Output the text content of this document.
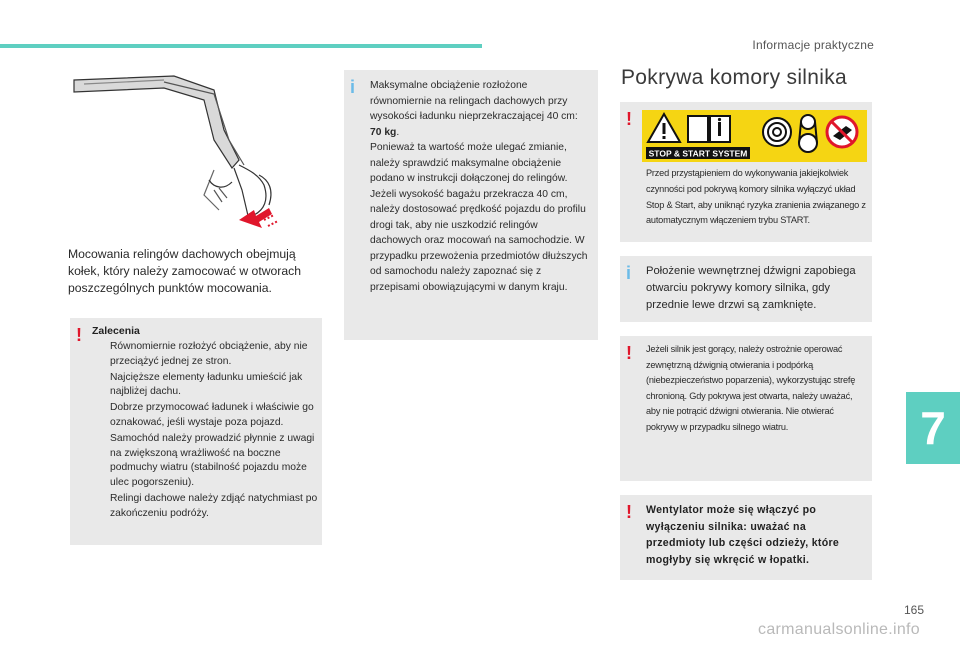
Informacje praktyczne

Mocowania relingów dachowych obejmują kołek, który należy zamocować w otworach poszczególnych punktów mocowania.

! Zalecenia
Równomiernie rozłożyć obciążenie, aby nie przeciążyć jednej ze stron.
Najcięższe elementy ładunku umieścić jak najbliżej dachu.
Dobrze przymocować ładunek i właściwie go oznakować, jeśli wystaje poza pojazd.
Samochód należy prowadzić płynnie z uwagi na zwiększoną wrażliwość na boczne podmuchy wiatru (stabilność pojazdu może ulec pogorszeniu).
Relingi dachowe należy zdjąć natychmiast po zakończeniu podróży.
i	Maksymalne obciążenie rozłożone równomiernie na relingach dachowych przy wysokości ładunku nieprzekraczającej 40 cm:
70 kg.
Ponieważ ta wartość może ulegać zmianie, należy sprawdzić maksymalne obciążenie podano w instrukcji dołączonej do relingów. Jeżeli wysokość bagażu przekracza 40 cm, należy dostosować prędkość pojazdu do profilu drogi tak, aby nie uszkodzić relingów dachowych oraz mocowań na samochodzie. W przypadku przewożenia przedmiotów dłuższych od samochodu należy zapoznać się z przepisami obowiązującymi w danym kraju.
Pokrywa komory silnika
!
STOP & START SYSTEM
Przed przystąpieniem do wykonywania jakiejkolwiek czynności pod pokrywą komory silnika wyłączyć układ Stop & Start, aby uniknąć ryzyka zranienia związanego z automatycznym włączeniem trybu START.
i	Położenie wewnętrznej dźwigni zapobiega otwarciu pokrywy komory silnika, gdy przednie lewe drzwi są zamknięte.
!	Jeżeli silnik jest gorący, należy ostrożnie operować zewnętrzną dźwignią otwierania i podpórką (niebezpieczeństwo poparzenia), wykorzystując strefę chronioną. Gdy pokrywa jest otwarta, należy uważać, aby nie potrącić dźwigni otwierania. Nie otwierać pokrywy w przypadku silnego wiatru.
!	Wentylator może się włączyć po wyłączeniu silnika: uważać na przedmioty lub części odzieży, które mogłyby się wkręcić w łopatki.
7
165
carmanualsonline.info
